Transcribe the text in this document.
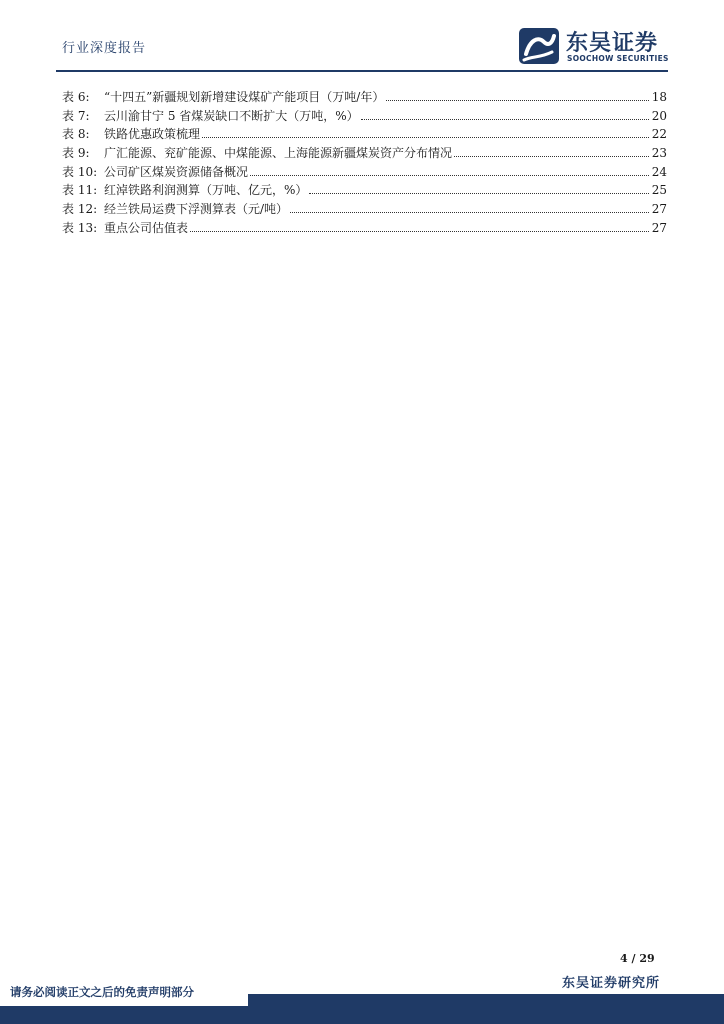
行业深度报告	东吴证券
SOOCHOW SECURITIES
表 6:	“十四五”新疆规划新增建设煤矿产能项目（万吨/年）	18
表 7:	云川渝甘宁 5 省煤炭缺口不断扩大（万吨，%）	20
表 8:	铁路优惠政策梳理	22
表 9:	广汇能源、兖矿能源、中煤能源、上海能源新疆煤炭资产分布情况	23
表 10: 公司矿区煤炭资源储备概况	24
表 11: 红淖铁路利润测算（万吨、亿元，%）	25
表 12: 经兰铁局运费下浮测算表（元/吨）	27
表 13: 重点公司估值表	27
4 / 29
东吴证券研究所
请务必阅读正文之后的免责声明部分
